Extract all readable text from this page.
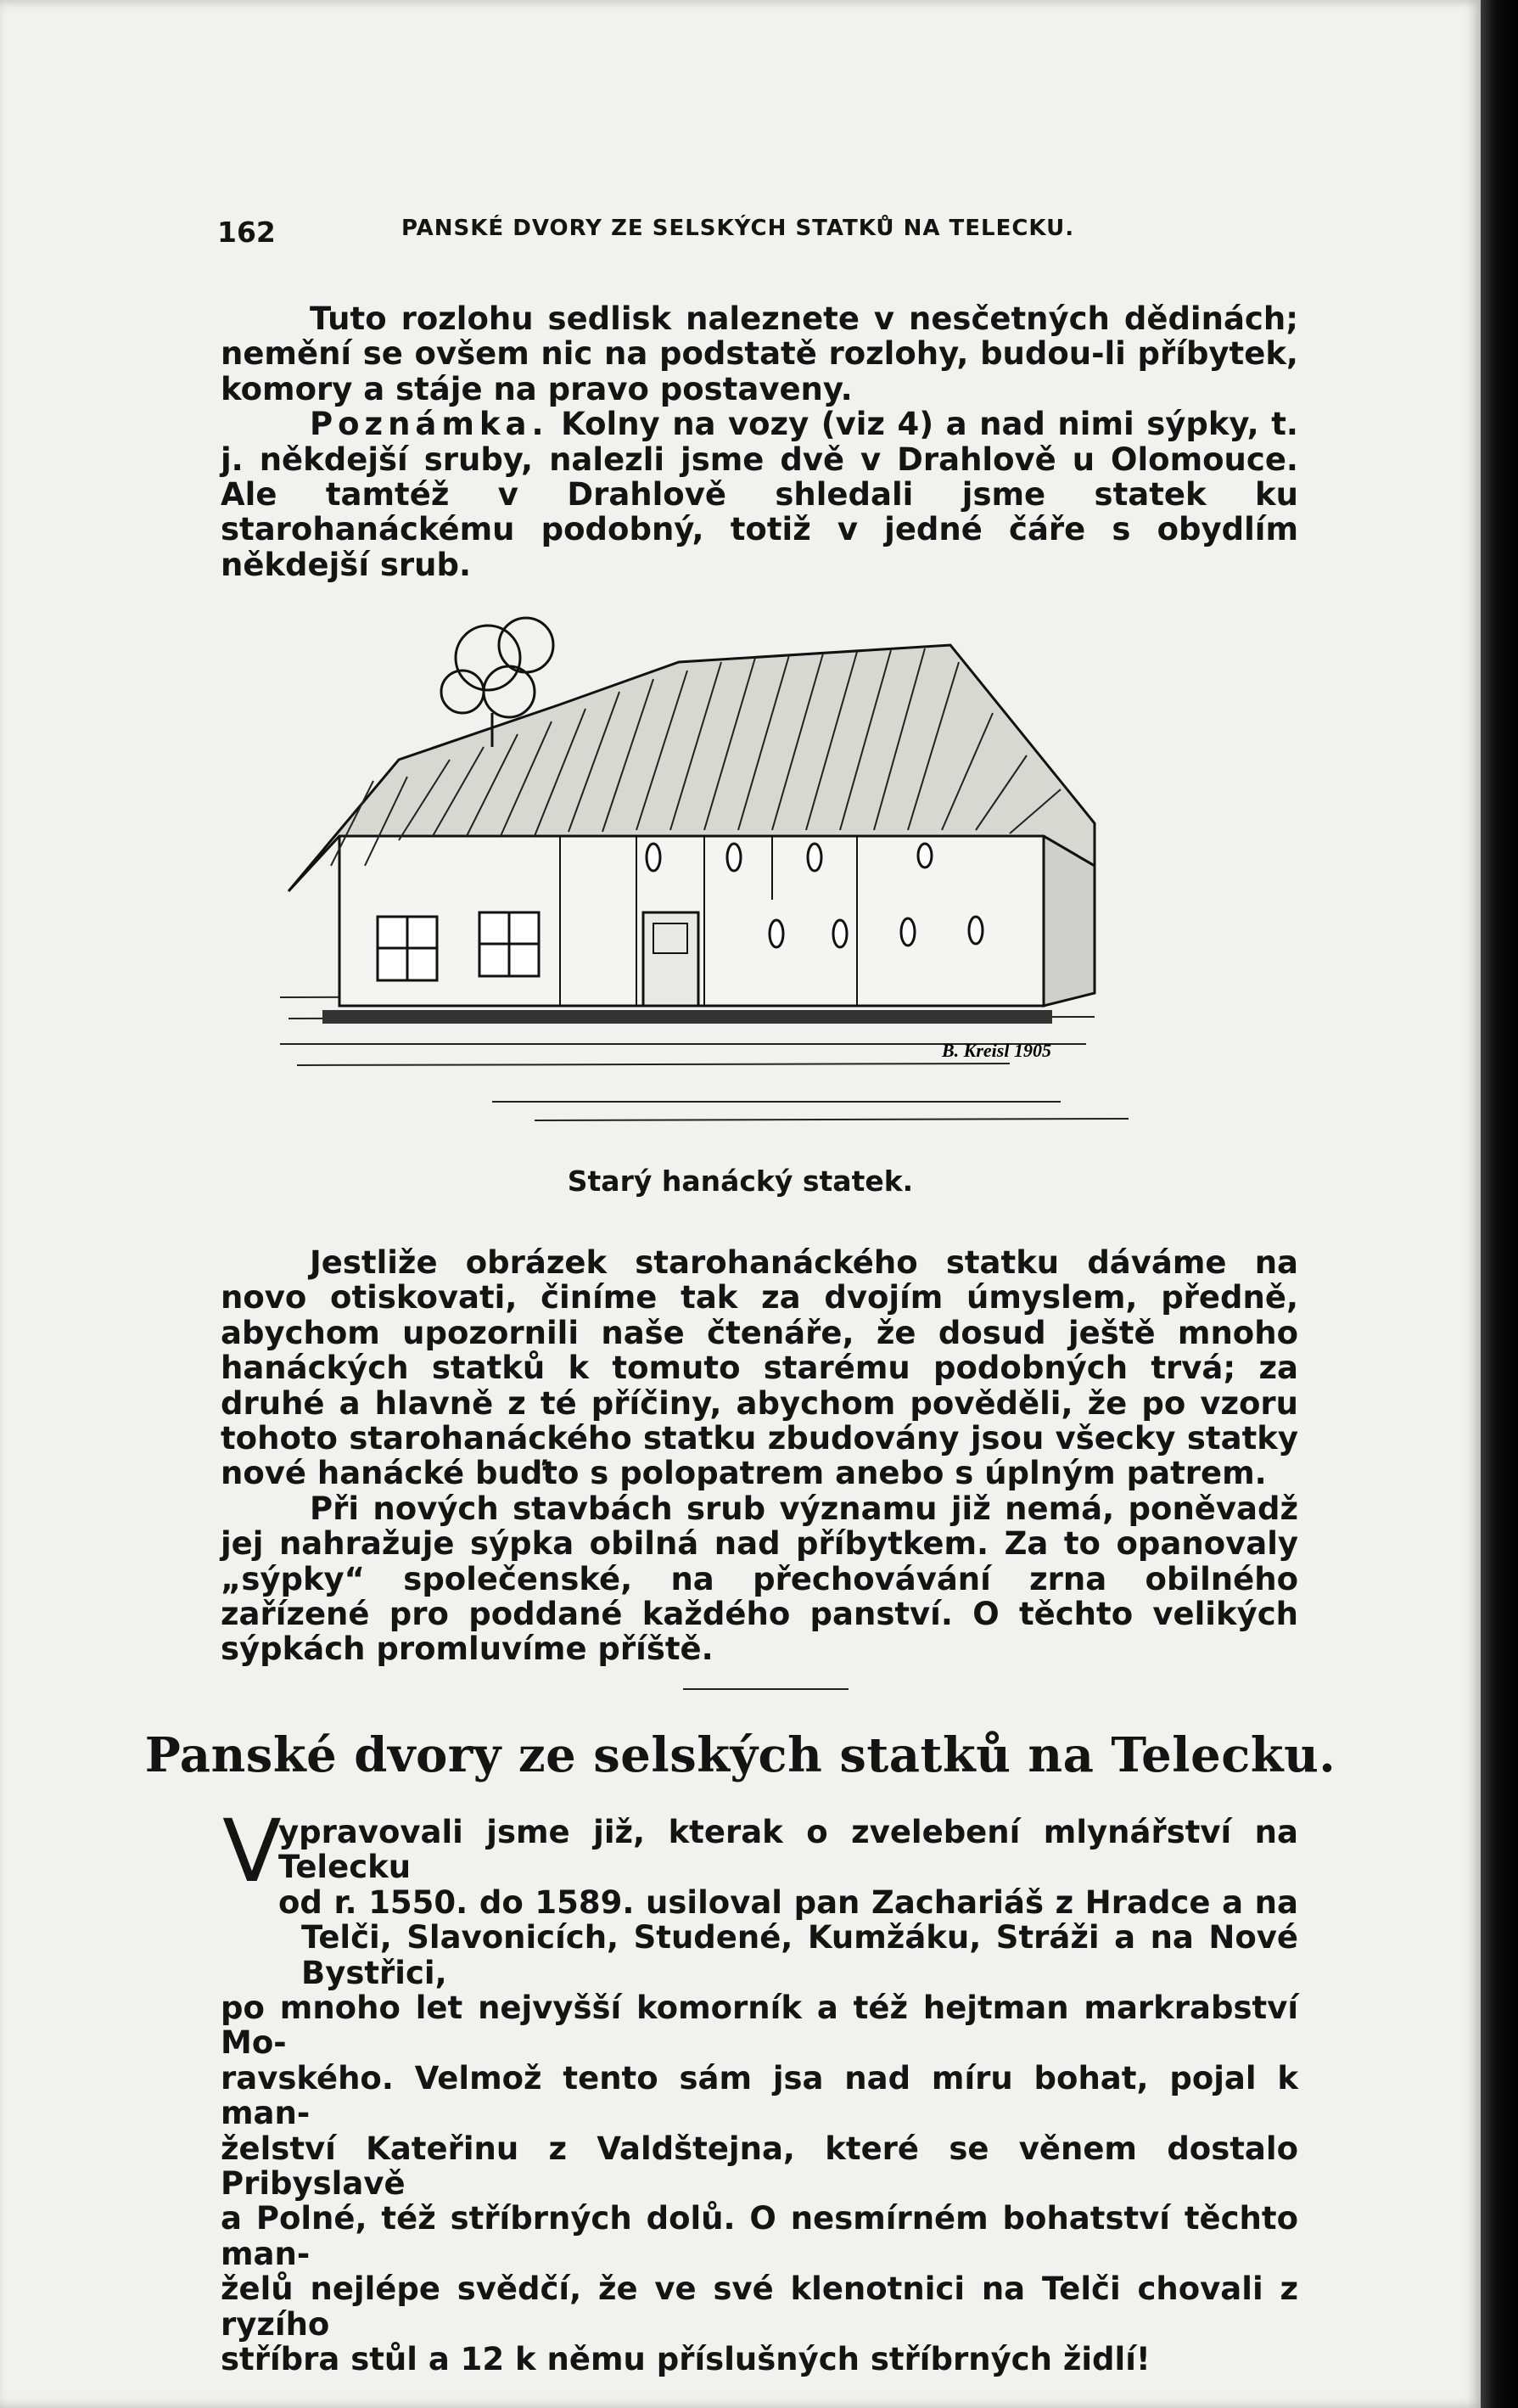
162	PANSKÉ DVORY ZE SELSKÝCH STATKŮ NA TELECKU.

Tuto rozlohu sedlisk naleznete v nesčetných dědinách; nemění se ovšem nic na podstatě rozlohy, budou-li příbytek, komory a stáje na pravo postaveny.

Poznámka. Kolny na vozy (viz 4) a nad nimi sýpky, t. j. někdejší sruby, nalezli jsme dvě v Drahlově u Olomouce. Ale tamtéž v Drahlově shledali jsme statek ku starohanáckému podobný, totiž v jedné čáře s obydlím někdejší srub.

B. Kreisl 1905
Starý hanácký statek.

Jestliže obrázek starohanáckého statku dáváme na novo otiskovati, činíme tak za dvojím úmyslem, předně, abychom upozornili naše čtenáře, že dosud ještě mnoho hanáckých statků k tomuto starému podobných trvá; za druhé a hlavně z té příčiny, abychom pověděli, že po vzoru tohoto starohanáckého statku zbudovány jsou všecky statky nové hanácké buďto s polopatrem anebo s úplným patrem.

Při nových stavbách srub významu již nemá, poněvadž jej nahražuje sýpka obilná nad příbytkem. Za to opanovaly „sýpky“ společenské, na přechovávání zrna obilného zařízené pro poddané každého panství. O těchto velikých sýpkách promluvíme příště.

Panské dvory ze selských statků na Telecku.
V
ypravovali jsme již, kterak o zvelebení mlynářství na Telecku
od r. 1550. do 1589. usiloval pan Zachariáš z Hradce a na
Telči, Slavonicích, Studené, Kumžáku, Stráži a na Nové Bystřici,
po mnoho let nejvyšší komorník a též hejtman markrabství Mo-
ravského. Velmož tento sám jsa nad míru bohat, pojal k man-
želství Kateřinu z Valdštejna, které se věnem dostalo Pribyslavě
a Polné, též stříbrných dolů. O nesmírném bohatství těchto man-
želů nejlépe svědčí, že ve své klenotnici na Telči chovali z ryzího
stříbra stůl a 12 k němu příslušných stříbrných židlí!
